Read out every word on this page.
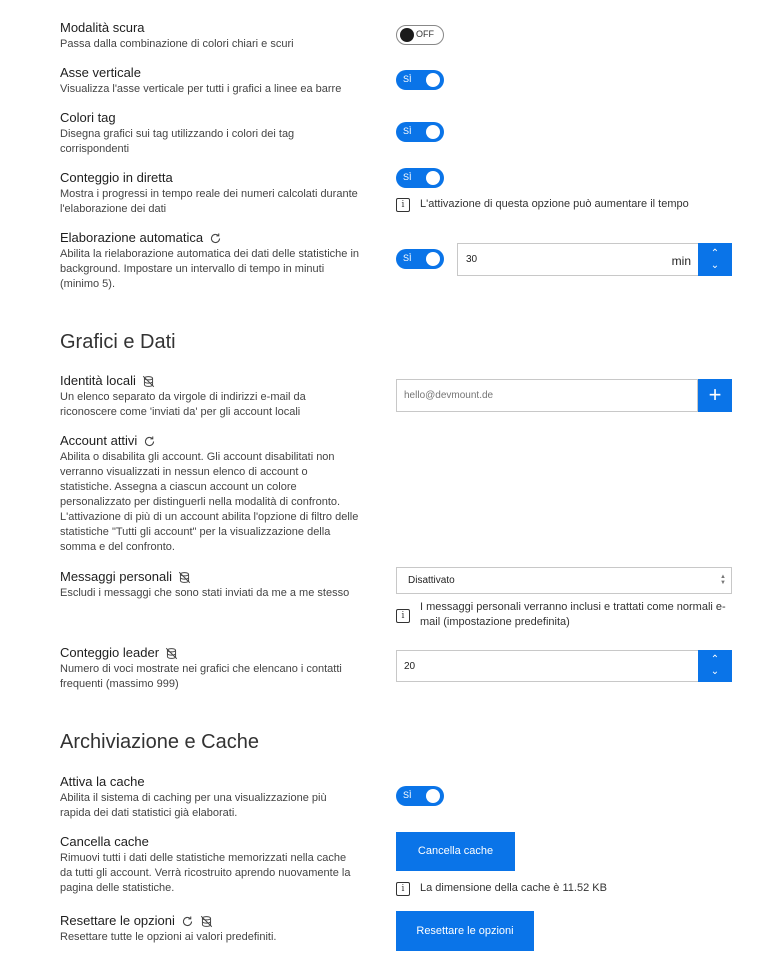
Modalità scura
Passa dalla combinazione di colori chiari e scuri
OFF
Asse verticale
Visualizza l'asse verticale per tutti i grafici a linee ea barre
SÌ
Colori tag
Disegna grafici sui tag utilizzando i colori dei tag corrispondenti
SÌ
Conteggio in diretta
Mostra i progressi in tempo reale dei numeri calcolati durante l'elaborazione dei dati
SÌ
i	L'attivazione di questa opzione può aumentare il tempo
Elaborazione automatica
Abilita la rielaborazione automatica dei dati delle statistiche in background. Impostare un intervallo di tempo in minuti (minimo 5).
SÌ	30	min
⌃
⌄
Grafici e Dati
Identità locali
Un elenco separato da virgole di indirizzi e-mail da riconoscere come 'inviati da' per gli account locali
hello@devmount.de
+
Account attivi
Abilita o disabilita gli account. Gli account disabilitati non verranno visualizzati in nessun elenco di account o statistiche. Assegna a ciascun account un colore personalizzato per distinguerli nella modalità di confronto. L'attivazione di più di un account abilita l'opzione di filtro delle statistiche "Tutti gli account" per la visualizzazione della somma e del confronto.
Messaggi personali
Escludi i messaggi che sono stati inviati da me a me stesso
Disattivato	▲
▼
i
I messaggi personali verranno inclusi e trattati come normali e-mail (impostazione predefinita)
Conteggio leader
Numero di voci mostrate nei grafici che elencano i contatti frequenti (massimo 999)
20
⌃
⌄
Archiviazione e Cache
Attiva la cache
Abilita il sistema di caching per una visualizzazione più rapida dei dati statistici già elaborati.
SÌ
Cancella cache
Rimuovi tutti i dati delle statistiche memorizzati nella cache da tutti gli account. Verrà ricostruito aprendo nuovamente la pagina delle statistiche.
Cancella cache
i	La dimensione della cache è 11.52 KB
Resettare le opzioni
Resettare tutte le opzioni ai valori predefiniti.	Resettare le opzioni
